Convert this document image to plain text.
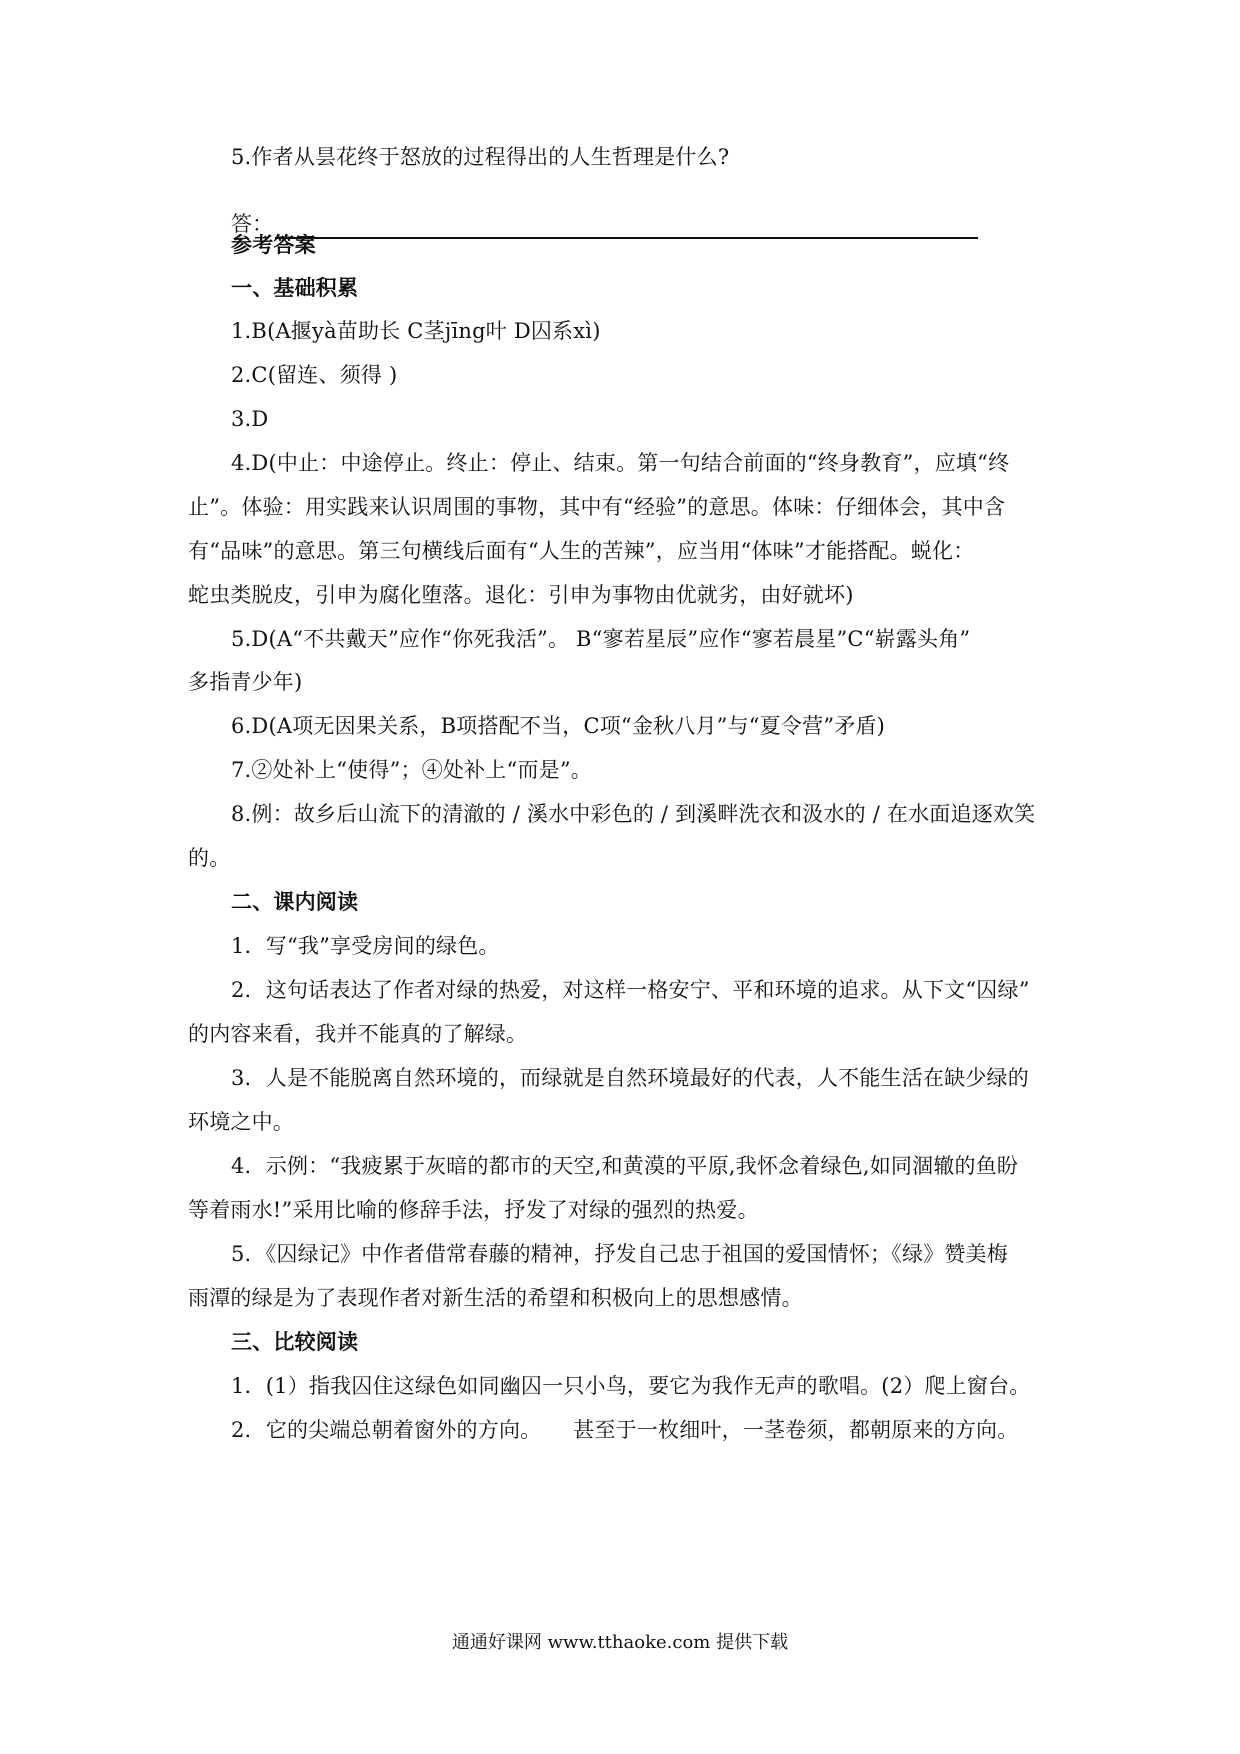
5.作者从昙花终于怒放的过程得出的人生哲理是什么?
答：
参考答案
一、基础积累
1.B(A揠yà苗助长 C茎jīng叶 D囚系xì)
2.C(留连、须得 )
3.D
4.D(中止：中途停止。终止：停止、结束。第一句结合前面的“终身教育”，应填“终
止”。体验：用实践来认识周围的事物，其中有“经验”的意思。体味：仔细体会，其中含
有“品味”的意思。第三句横线后面有“人生的苦辣”，应当用“体味”才能搭配。蜕化：
蛇虫类脱皮，引申为腐化堕落。退化：引申为事物由优就劣，由好就坏)
5.D(A“不共戴天”应作“你死我活”。 B“寥若星辰”应作“寥若晨星”C“崭露头角”
多指青少年)
6.D(A项无因果关系，B项搭配不当，C项“金秋八月”与“夏令营”矛盾)
7.②处补上“使得”；④处补上“而是”。
8.例：故乡后山流下的清澈的 / 溪水中彩色的 / 到溪畔洗衣和汲水的 / 在水面追逐欢笑
的。
二、课内阅读
1．写“我”享受房间的绿色。
2．这句话表达了作者对绿的热爱，对这样一格安宁、平和环境的追求。从下文“囚绿”
的内容来看，我并不能真的了解绿。
3．人是不能脱离自然环境的，而绿就是自然环境最好的代表，人不能生活在缺少绿的
环境之中。
4．示例：“我疲累于灰暗的都市的天空,和黄漠的平原,我怀念着绿色,如同涸辙的鱼盼
等着雨水!”采用比喻的修辞手法，抒发了对绿的强烈的热爱。
5．《囚绿记》中作者借常春藤的精神，抒发自己忠于祖国的爱国情怀；《绿》赞美梅
雨潭的绿是为了表现作者对新生活的希望和积极向上的思想感情。
三、比较阅读
1．(1）指我囚住这绿色如同幽囚一只小鸟，要它为我作无声的歌唱。(2）爬上窗台。
2．它的尖端总朝着窗外的方向。　　甚至于一枚细叶，一茎卷须，都朝原来的方向。
通通好课网 www.tthaoke.com 提供下载
